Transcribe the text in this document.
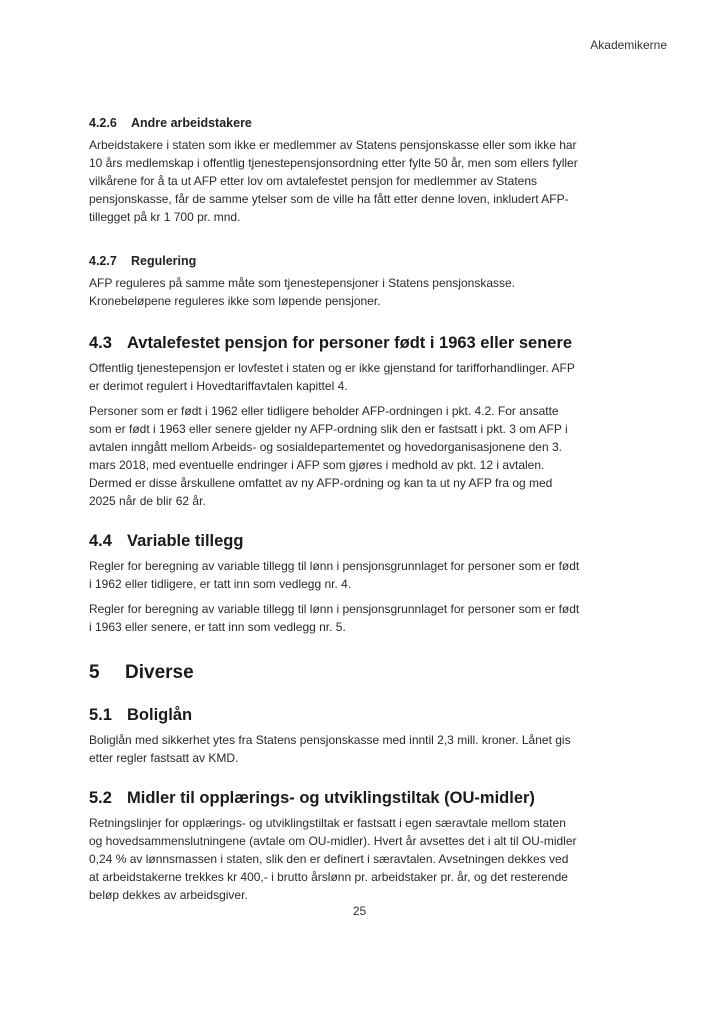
Akademikerne
4.2.6 Andre arbeidstakere
Arbeidstakere i staten som ikke er medlemmer av Statens pensjonskasse eller som ikke har
10 års medlemskap i offentlig tjenestepensjonsordning etter fylte 50 år, men som ellers fyller
vilkårene for å ta ut AFP etter lov om avtalefestet pensjon for medlemmer av Statens
pensjonskasse, får de samme ytelser som de ville ha fått etter denne loven, inkludert AFP-
tillegget på kr 1 700 pr. mnd.
4.2.7 Regulering
AFP reguleres på samme måte som tjenestepensjoner i Statens pensjonskasse.
Kronebeløpene reguleres ikke som løpende pensjoner.
4.3 Avtalefestet pensjon for personer født i 1963 eller senere
Offentlig tjenestepensjon er lovfestet i staten og er ikke gjenstand for tarifforhandlinger. AFP
er derimot regulert i Hovedtariffavtalen kapittel 4.
Personer som er født i 1962 eller tidligere beholder AFP-ordningen i pkt. 4.2. For ansatte
som er født i 1963 eller senere gjelder ny AFP-ordning slik den er fastsatt i pkt. 3 om AFP i
avtalen inngått mellom Arbeids- og sosialdepartementet og hovedorganisasjonene den 3.
mars 2018, med eventuelle endringer i AFP som gjøres i medhold av pkt. 12 i avtalen.
Dermed er disse årskullene omfattet av ny AFP-ordning og kan ta ut ny AFP fra og med
2025 når de blir 62 år.
4.4 Variable tillegg
Regler for beregning av variable tillegg til lønn i pensjonsgrunnlaget for personer som er født
i 1962 eller tidligere, er tatt inn som vedlegg nr. 4.
Regler for beregning av variable tillegg til lønn i pensjonsgrunnlaget for personer som er født
i 1963 eller senere, er tatt inn som vedlegg nr. 5.
5 Diverse
5.1 Boliglån
Boliglån med sikkerhet ytes fra Statens pensjonskasse med inntil 2,3 mill. kroner. Lånet gis
etter regler fastsatt av KMD.
5.2 Midler til opplærings- og utviklingstiltak (OU-midler)
Retningslinjer for opplærings- og utviklingstiltak er fastsatt i egen særavtale mellom staten
og hovedsammenslutningene (avtale om OU-midler). Hvert år avsettes det i alt til OU-midler
0,24 % av lønnsmassen i staten, slik den er definert i særavtalen. Avsetningen dekkes ved
at arbeidstakerne trekkes kr 400,- i brutto årslønn pr. arbeidstaker pr. år, og det resterende
beløp dekkes av arbeidsgiver.
25
